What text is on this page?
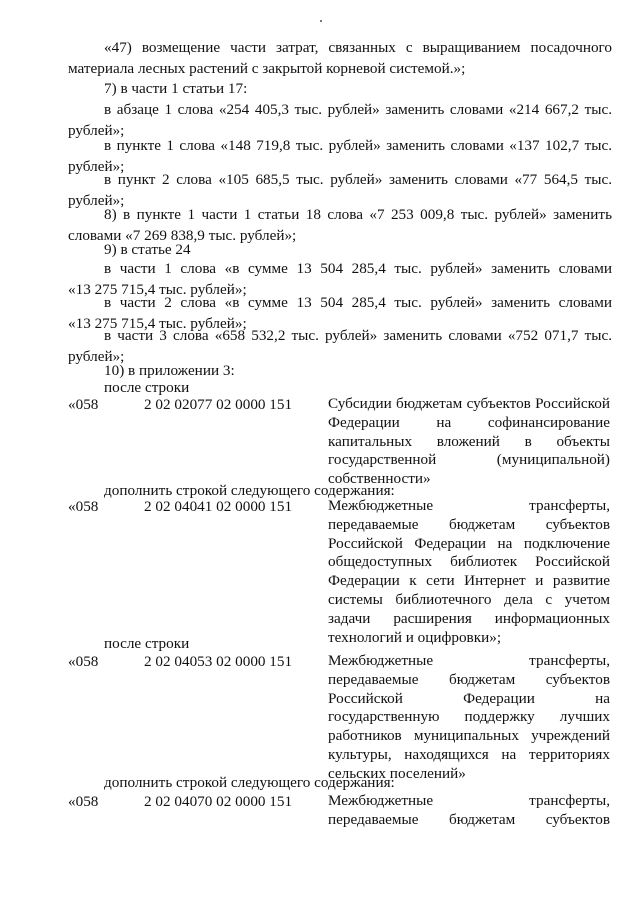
«47) возмещение части затрат, связанных с выращиванием посадочного
материала лесных растений с закрытой корневой системой.»;
7) в части 1 статьи 17:
в абзаце 1 слова «254 405,3 тыс. рублей» заменить словами «214 667,2 тыс.
рублей»;
в пункте 1 слова «148 719,8 тыс. рублей» заменить словами «137 102,7 тыс.
рублей»;
в пункт 2 слова «105 685,5 тыс. рублей» заменить словами «77 564,5 тыс.
рублей»;
8) в пункте 1 части 1 статьи 18 слова «7 253 009,8 тыс. рублей» заменить
словами «7 269 838,9 тыс. рублей»;
9) в статье 24
в части 1 слова «в сумме 13 504 285,4 тыс. рублей» заменить словами
«13 275 715,4 тыс. рублей»;
в части 2 слова «в сумме 13 504 285,4 тыс. рублей» заменить словами
«13 275 715,4 тыс. рублей»;
в части 3 слова «658 532,2 тыс. рублей» заменить словами «752 071,7 тыс.
рублей»;
10) в приложении 3:
после строки
«058	2 02 02077 02 0000 151 Субсидии бюджетам субъектов Российской
Федерации на софинансирование
капитальных вложений в объекты
государственной (муниципальной)
собственности»
дополнить строкой следующего содержания:
«058	2 02 04041 02 0000 151 Межбюджетные трансферты,
передаваемые бюджетам субъектов
Российской Федерации на подключение
общедоступных библиотек Российской
Федерации к сети Интернет и развитие
системы библиотечного дела с учетом
задачи расширения информационных
технологий и оцифровки»;
после строки
«058	2 02 04053 02 0000 151 Межбюджетные трансферты,
передаваемые бюджетам субъектов
Российской Федерации на
государственную поддержку лучших
работников муниципальных учреждений
культуры, находящихся на территориях
сельских поселений»
дополнить строкой следующего содержания:
«058	2 02 04070 02 0000 151 Межбюджетные трансферты,
передаваемые бюджетам субъектов
